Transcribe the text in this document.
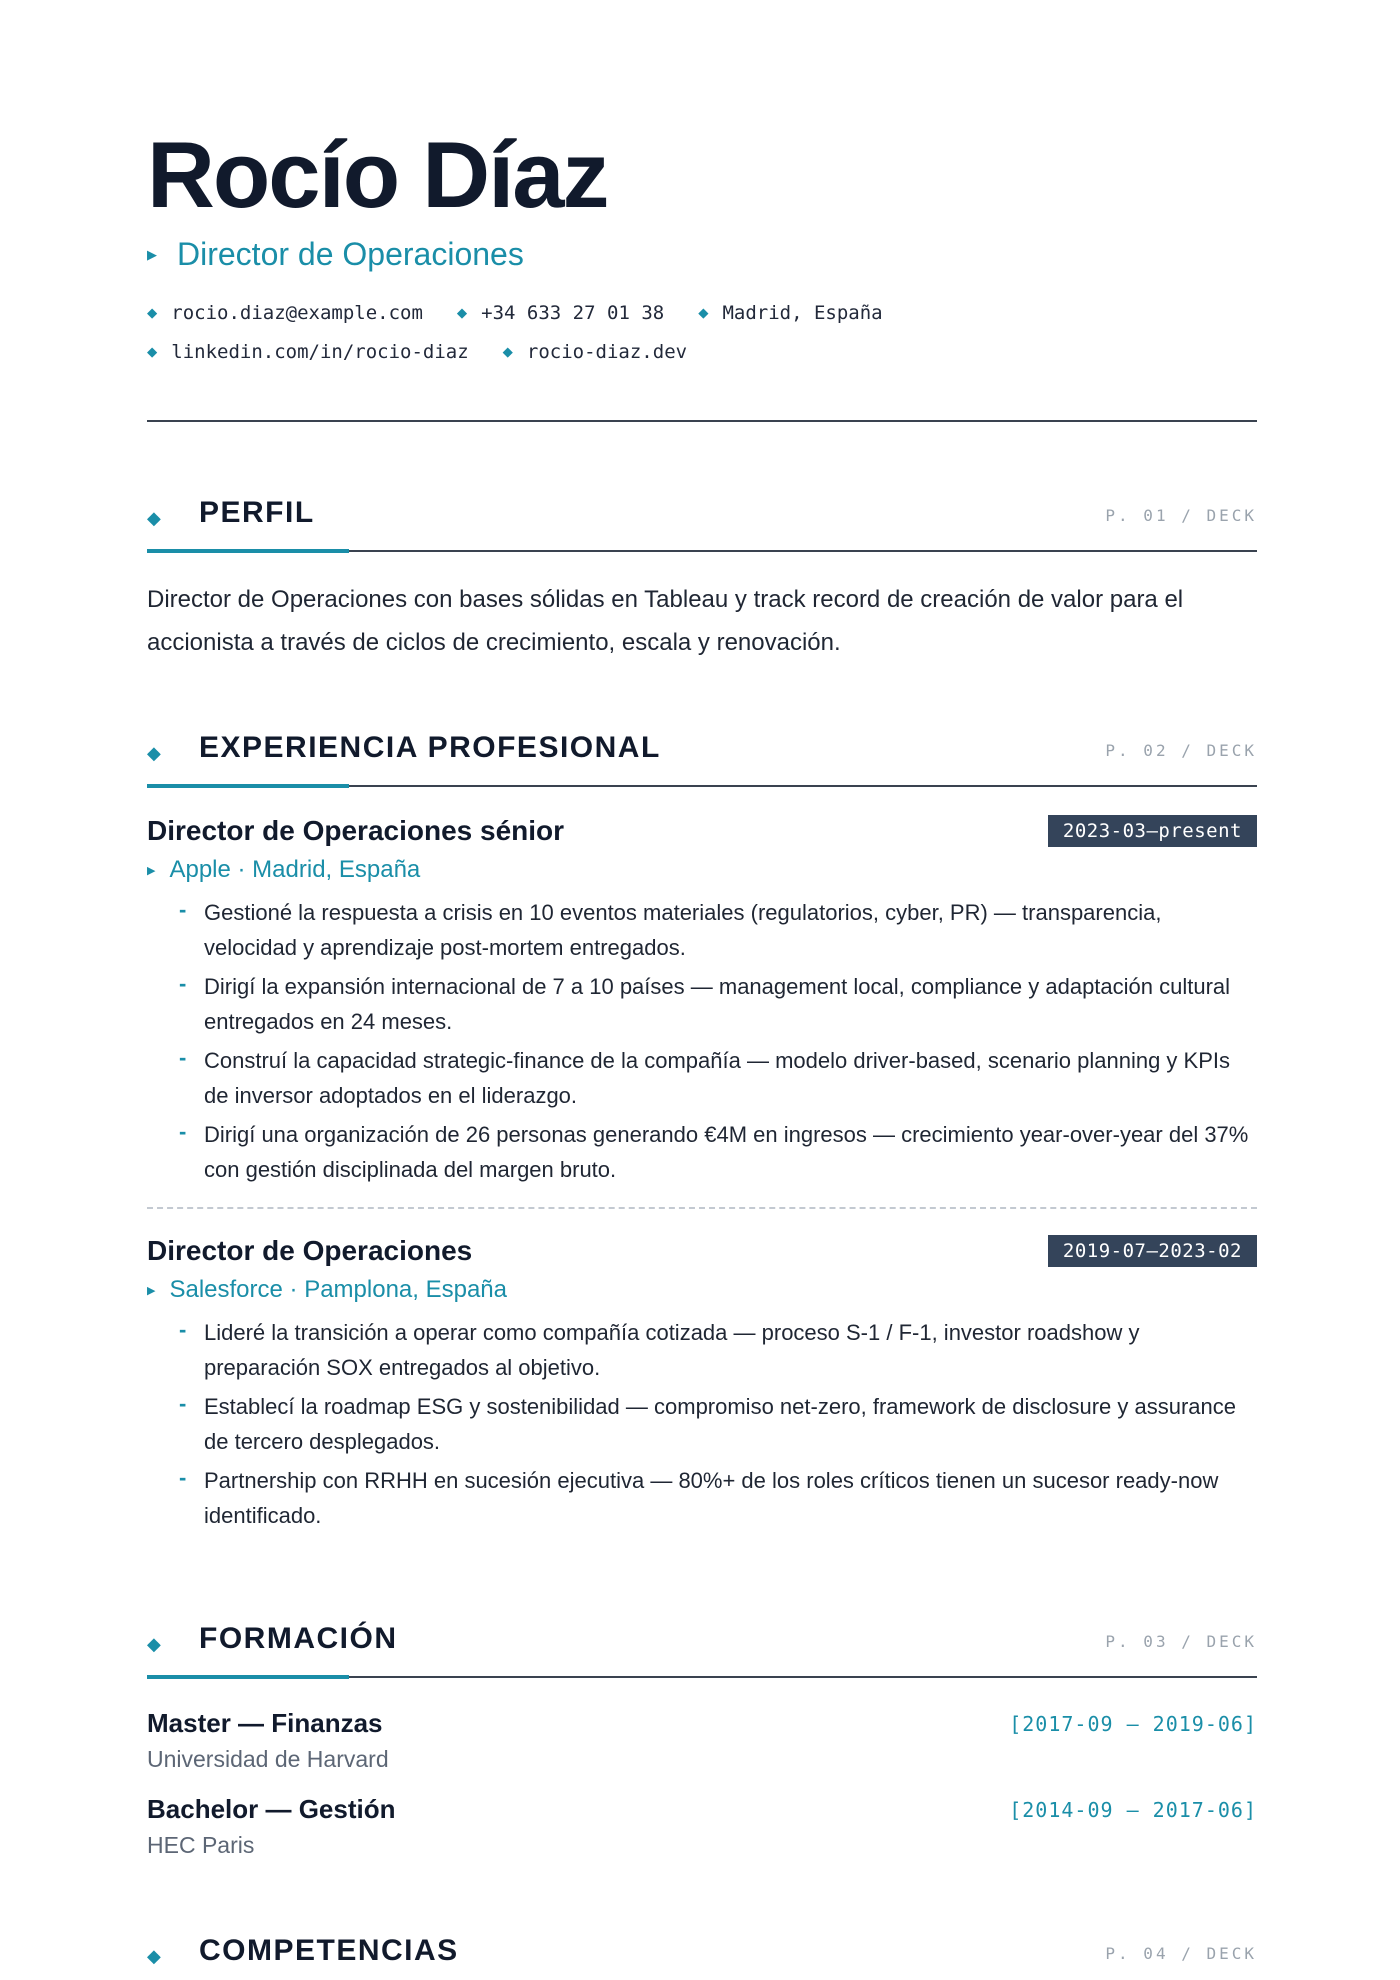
Rocío Díaz
▶ Director de Operaciones
◆ rocio.diaz@example.com ◆ +34 633 27 01 38 ◆ Madrid, España
◆ linkedin.com/in/rocio-diaz ◆ rocio-diaz.dev
◆ PERFIL	P. 01 / DECK

Director de Operaciones con bases sólidas en Tableau y track record de creación de valor para el accionista a través de ciclos de crecimiento, escala y renovación.

◆ EXPERIENCIA PROFESIONAL	P. 02 / DECK
Director de Operaciones sénior	2023-03—present
▶ Apple · Madrid, España
- Gestioné la respuesta a crisis en 10 eventos materiales (regulatorios, cyber, PR) — transparencia, velocidad y aprendizaje post-mortem entregados.
- Dirigí la expansión internacional de 7 a 10 países — management local, compliance y adaptación cultural entregados en 24 meses.
- Construí la capacidad strategic-finance de la compañía — modelo driver-based, scenario planning y KPIs de inversor adoptados en el liderazgo.
- Dirigí una organización de 26 personas generando €4M en ingresos — crecimiento year-over-year del 37% con gestión disciplinada del margen bruto.
Director de Operaciones	2019-07—2023-02
▶ Salesforce · Pamplona, España
- Lideré la transición a operar como compañía cotizada — proceso S-1 / F-1, investor roadshow y preparación SOX entregados al objetivo.
- Establecí la roadmap ESG y sostenibilidad — compromiso net-zero, framework de disclosure y assurance de tercero desplegados.
- Partnership con RRHH en sucesión ejecutiva — 80%+ de los roles críticos tienen un sucesor ready-now identificado.
◆ FORMACIÓN	P. 03 / DECK
Master — Finanzas	[2017-09 – 2019-06]
Universidad de Harvard
Bachelor — Gestión	[2014-09 – 2017-06]
HEC Paris
◆ COMPETENCIAS	P. 04 / DECK
